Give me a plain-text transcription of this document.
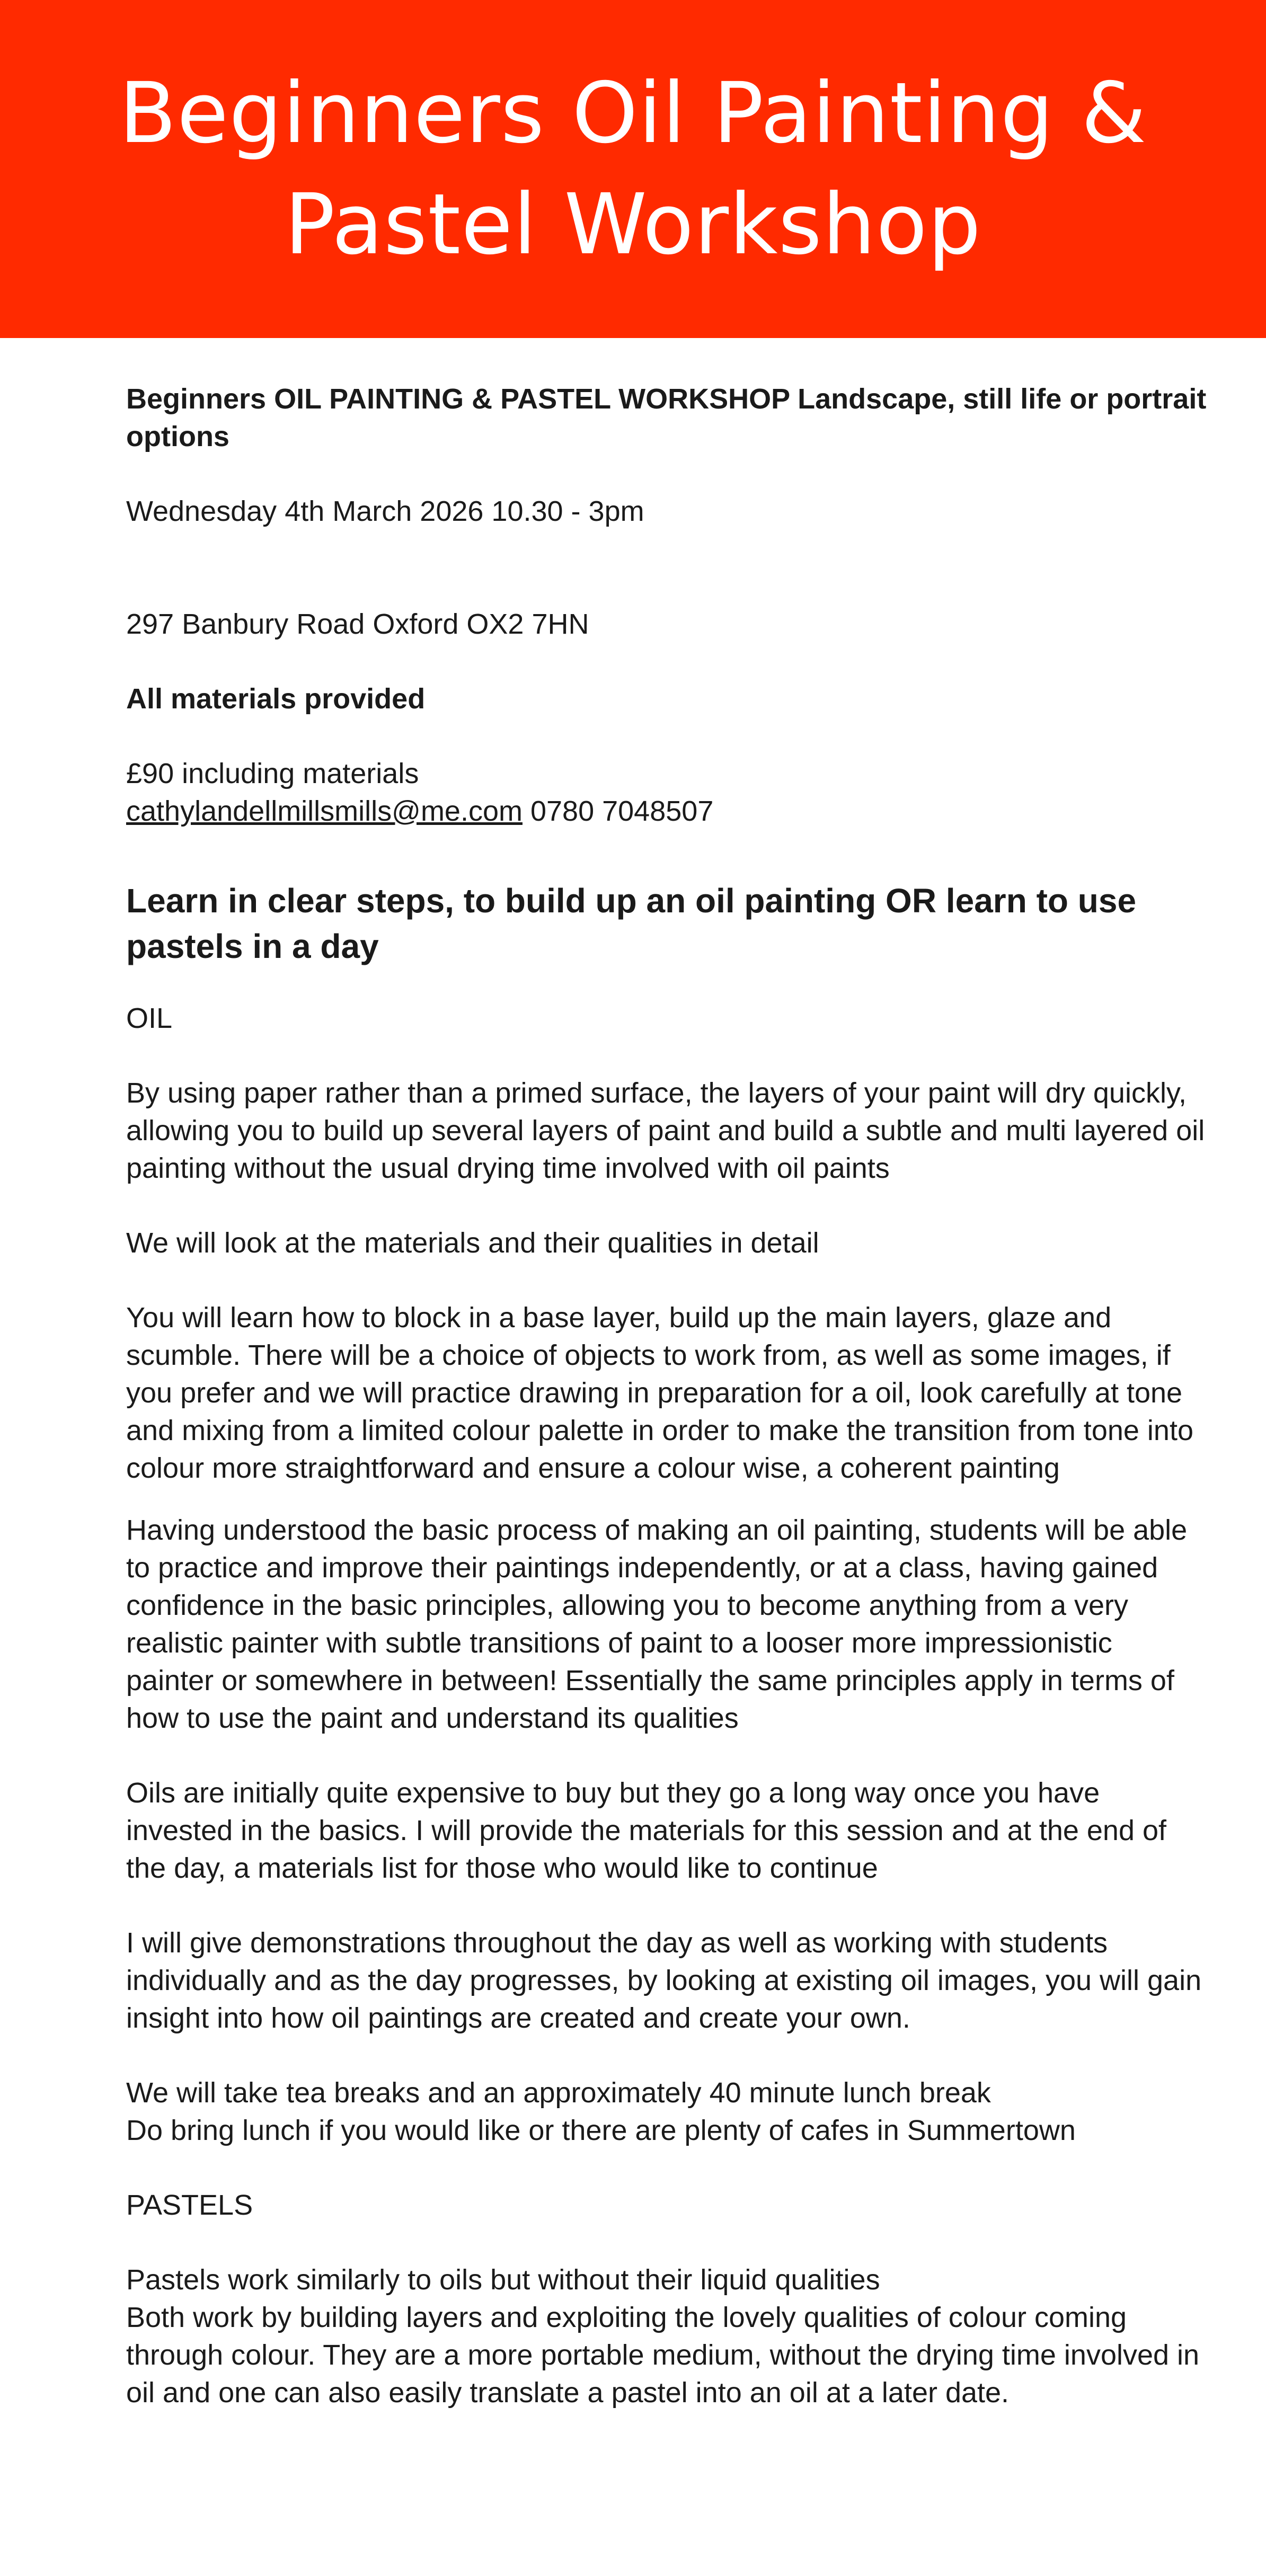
Beginners Oil Painting & Pastel Workshop

Beginners OIL PAINTING & PASTEL WORKSHOP Landscape, still life or portrait options

Wednesday 4th March 2026 10.30 - 3pm

297 Banbury Road Oxford OX2 7HN

All materials provided

£90 including materials

cathylandellmillsmills@me.com 0780 7048507

Learn in clear steps, to build up an oil painting OR learn to use pastels in a day

OIL

By using paper rather than a primed surface, the layers of your paint will dry quickly, allowing you to build up several layers of paint and build a subtle and multi layered oil painting without the usual drying time involved with oil paints

We will look at the materials and their qualities in detail

You will learn how to block in a base layer, build up the main layers, glaze and scumble. There will be a choice of objects to work from, as well as some images, if you prefer and we will practice drawing in preparation for a oil, look carefully at tone and mixing from a limited colour palette in order to make the transition from tone into colour more straightforward and ensure a colour wise, a coherent painting

Having understood the basic process of making an oil painting, students will be able to practice and improve their paintings independently, or at a class, having gained confidence in the basic principles, allowing you to become anything from a very realistic painter with subtle transitions of paint to a looser more impressionistic painter or somewhere in between! Essentially the same principles apply in terms of how to use the paint and understand its qualities

Oils are initially quite expensive to buy but they go a long way once you have invested in the basics. I will provide the materials for this session and at the end of the day, a materials list for those who would like to continue

I will give demonstrations throughout the day as well as working with students individually and as the day progresses, by looking at existing oil images, you will gain insight into how oil paintings are created and create your own.

We will take tea breaks and an approximately 40 minute lunch break

Do bring lunch if you would like or there are plenty of cafes in Summertown

PASTELS

Pastels work similarly to oils but without their liquid qualities

Both work by building layers and exploiting the lovely qualities of colour coming through colour. They are a more portable medium, without the drying time involved in oil and one can also easily translate a pastel into an oil at a later date.
